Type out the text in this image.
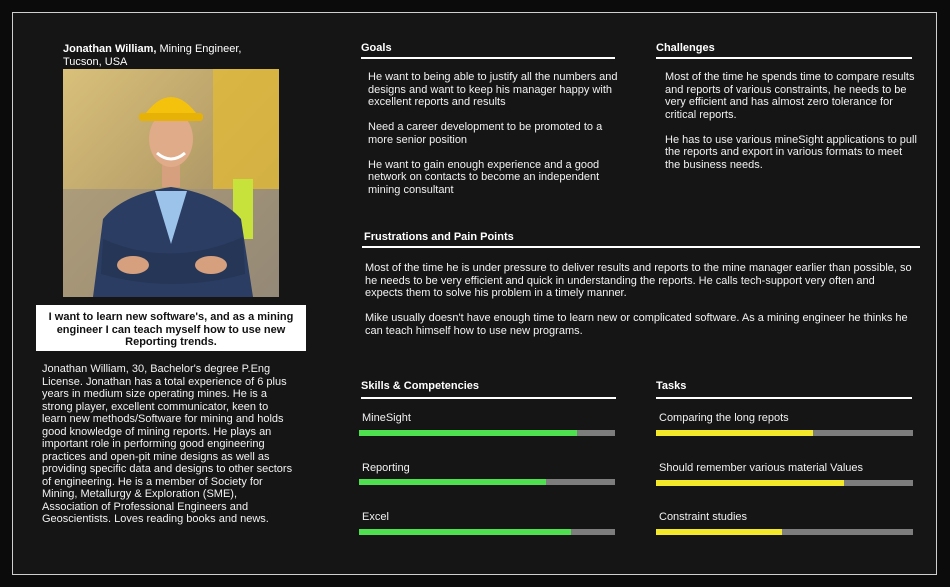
Jonathan William, Mining Engineer,
Tucson, USA
I want to learn new software's, and as a mining engineer I can teach myself how to use new Reporting trends.
Jonathan William, 30, Bachelor's degree P.Eng License. Jonathan has a total experience of 6 plus years in medium size operating mines. He is a strong player, excellent communicator, keen to learn new methods/Software for mining and holds good knowledge of mining reports. He plays an important role in performing good engineering practices and open-pit mine designs as well as providing specific data and designs to other sectors of engineering. He is a member of Society for Mining, Metallurgy & Exploration (SME), Association of Professional Engineers and Geoscientists. Loves reading books and news.
Goals

He want to being able to justify all the numbers and designs and want to keep his manager happy with excellent reports and results

Need a career development to be promoted to a more senior position

He want to gain enough experience and a good network on contacts to become an independent mining consultant

Challenges

Most of the time he spends time to compare results and reports of various constraints, he needs to be very efficient and has almost zero tolerance for critical reports.

He has to use various mineSight applications to pull the reports and export in various formats to meet the business needs.

Frustrations and Pain Points

Most of the time he is under pressure to deliver results and reports to the mine manager earlier than possible, so he needs to be very efficient and quick in understanding the reports. He calls tech-support very often and expects them to solve his problem in a timely manner.

Mike usually doesn't have enough time to learn new or complicated software. As a mining engineer he thinks he can teach himself how to use new programs.

Skills & Competencies
MineSight
Reporting
Excel
Tasks
Comparing the long repots
Should remember various material Values
Constraint studies
